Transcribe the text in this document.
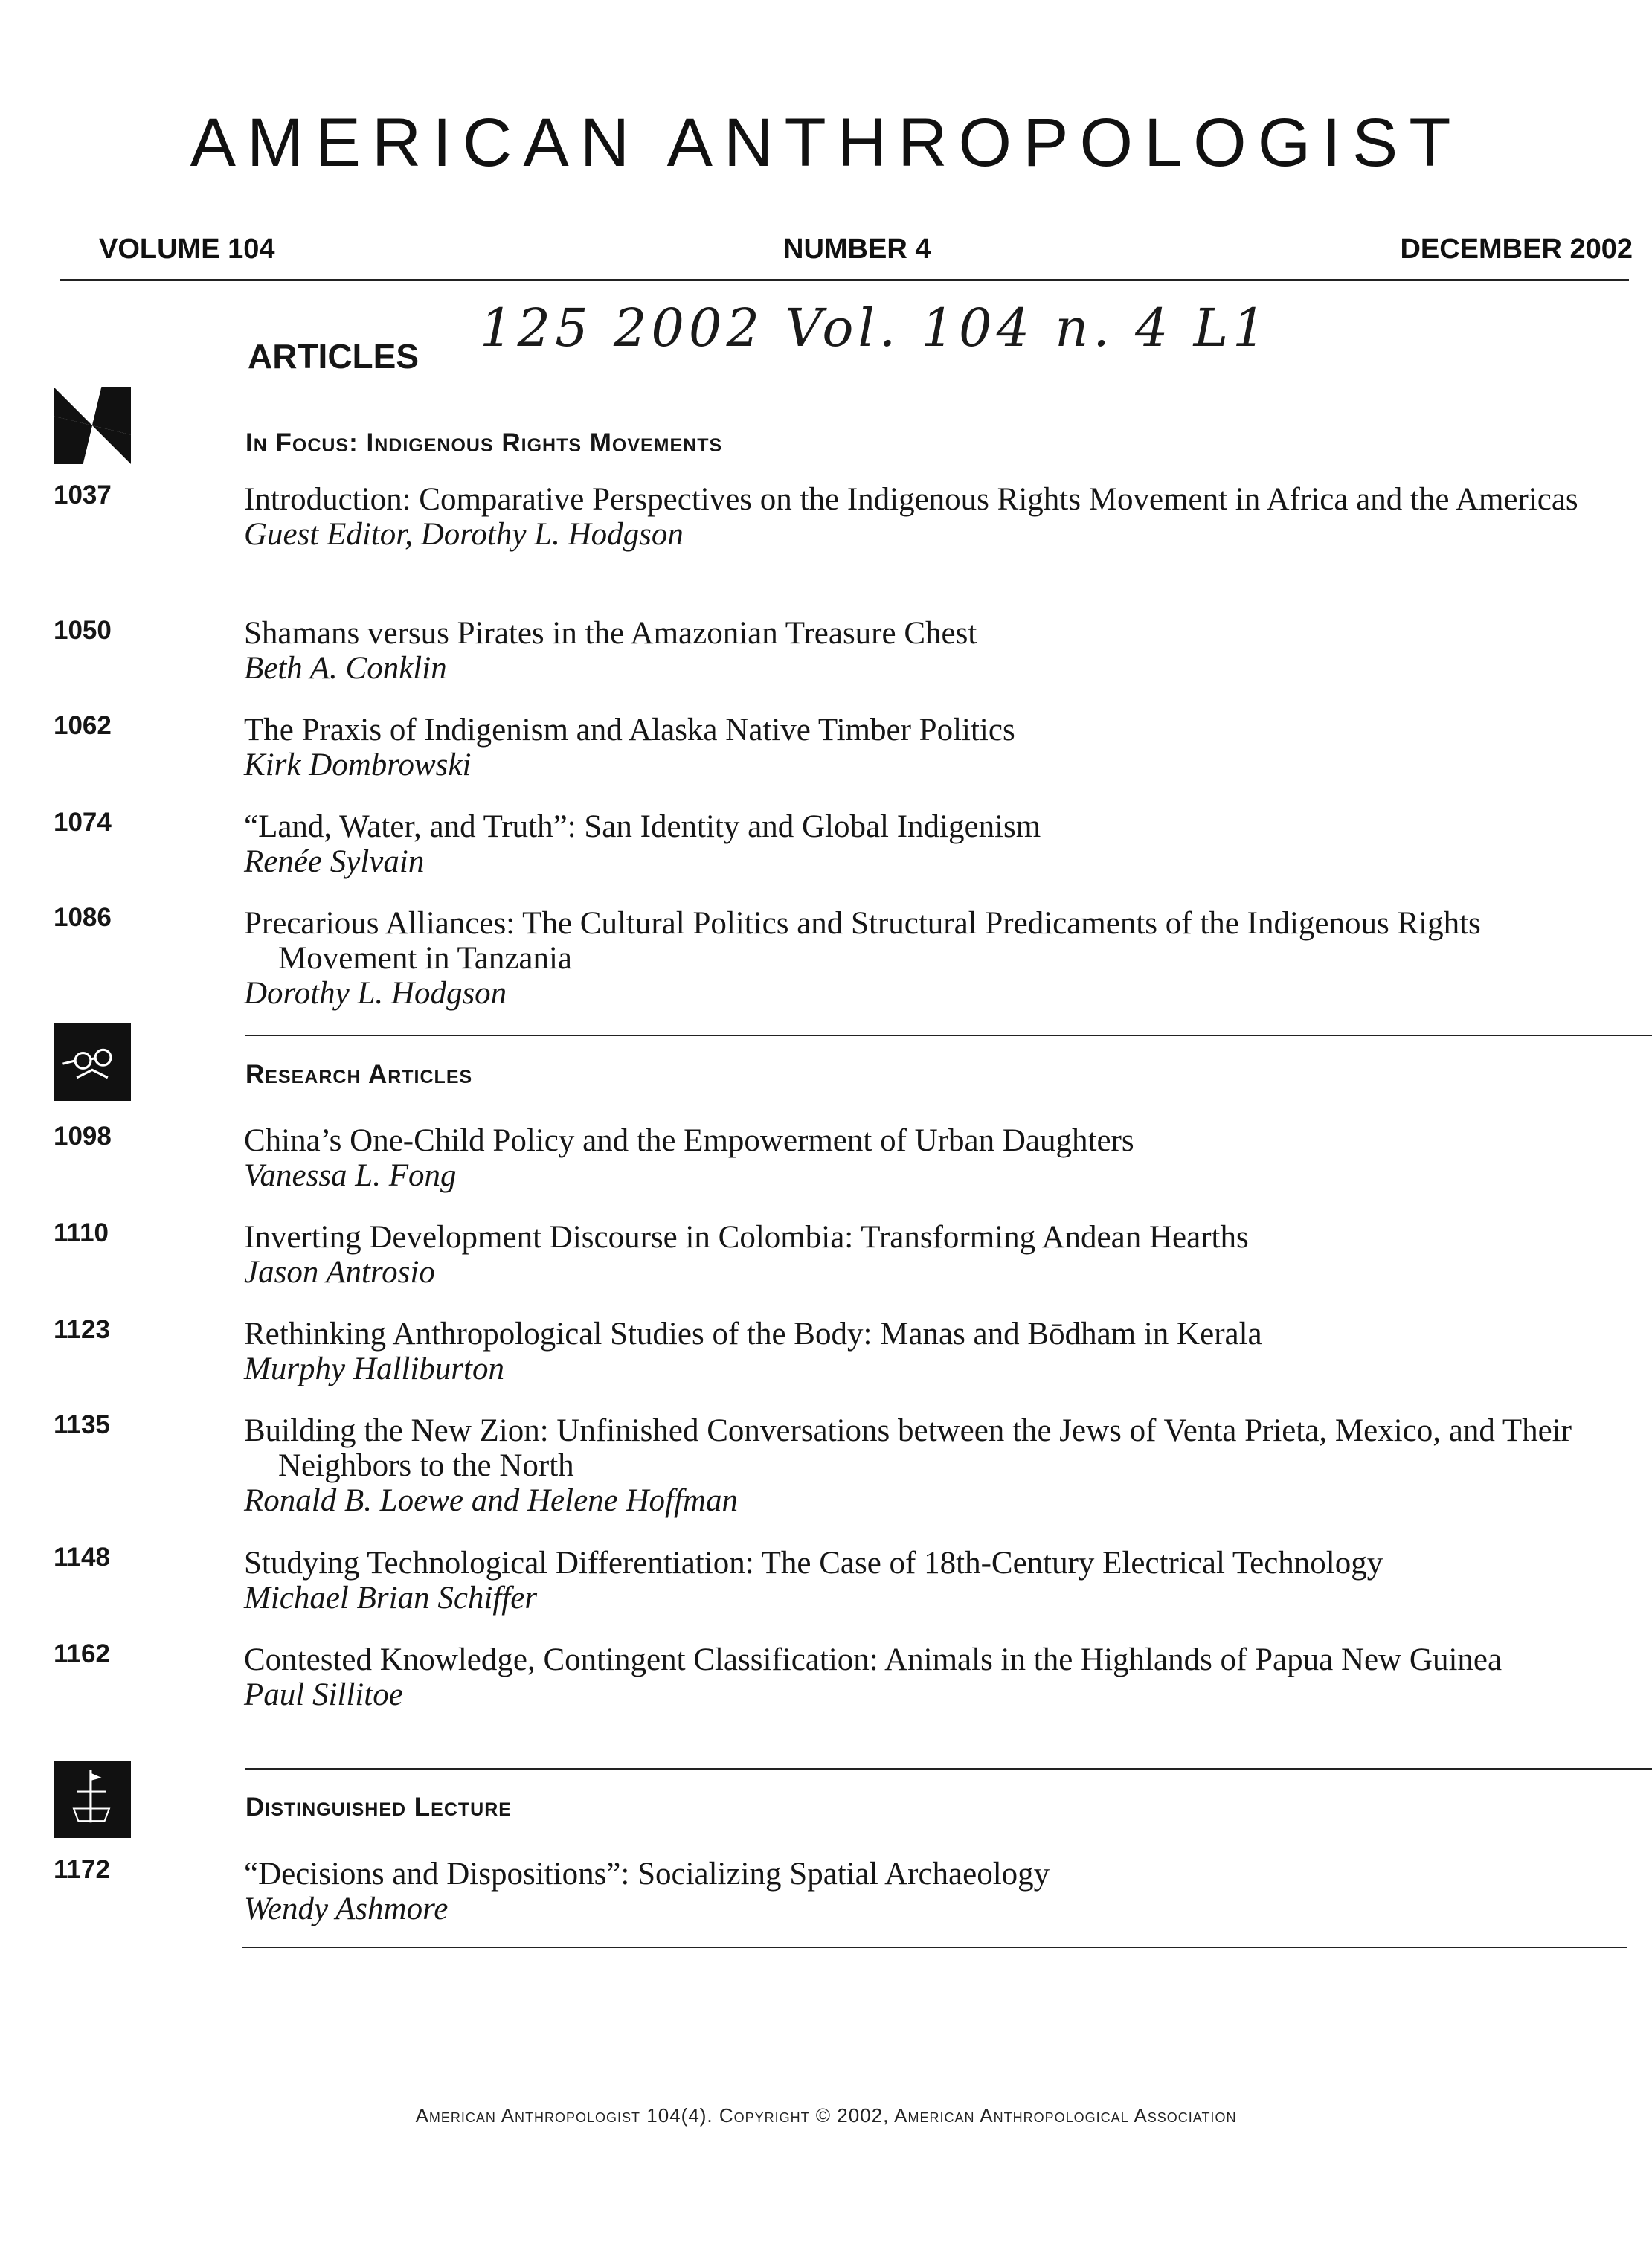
AMERICAN ANTHROPOLOGIST
VOLUME 104	NUMBER 4	DECEMBER 2002
ARTICLES 125 2002 Vol. 104 n. 4 L1
In Focus: Indigenous Rights Movements
1037	Introduction: Comparative Perspectives on the Indigenous Rights Movement in Africa and the Americas
Guest Editor, Dorothy L. Hodgson
1050	Shamans versus Pirates in the Amazonian Treasure Chest
Beth A. Conklin
1062	The Praxis of Indigenism and Alaska Native Timber Politics
Kirk Dombrowski
1074	“Land, Water, and Truth”: San Identity and Global Indigenism
Renée Sylvain
1086	Precarious Alliances: The Cultural Politics and Structural Predicaments of the Indigenous Rights Movement in Tanzania
Dorothy L. Hodgson
Research Articles
1098	China’s One-Child Policy and the Empowerment of Urban Daughters
Vanessa L. Fong
1110	Inverting Development Discourse in Colombia: Transforming Andean Hearths
Jason Antrosio
1123	Rethinking Anthropological Studies of the Body: Manas and Bōdham in Kerala
Murphy Halliburton
1135	Building the New Zion: Unfinished Conversations between the Jews of Venta Prieta, Mexico, and Their Neighbors to the North
Ronald B. Loewe and Helene Hoffman
1148	Studying Technological Differentiation: The Case of 18th-Century Electrical Technology
Michael Brian Schiffer
1162	Contested Knowledge, Contingent Classification: Animals in the Highlands of Papua New Guinea
Paul Sillitoe
Distinguished Lecture
1172	“Decisions and Dispositions”: Socializing Spatial Archaeology
Wendy Ashmore
American Anthropologist 104(4). Copyright © 2002, American Anthropological Association
